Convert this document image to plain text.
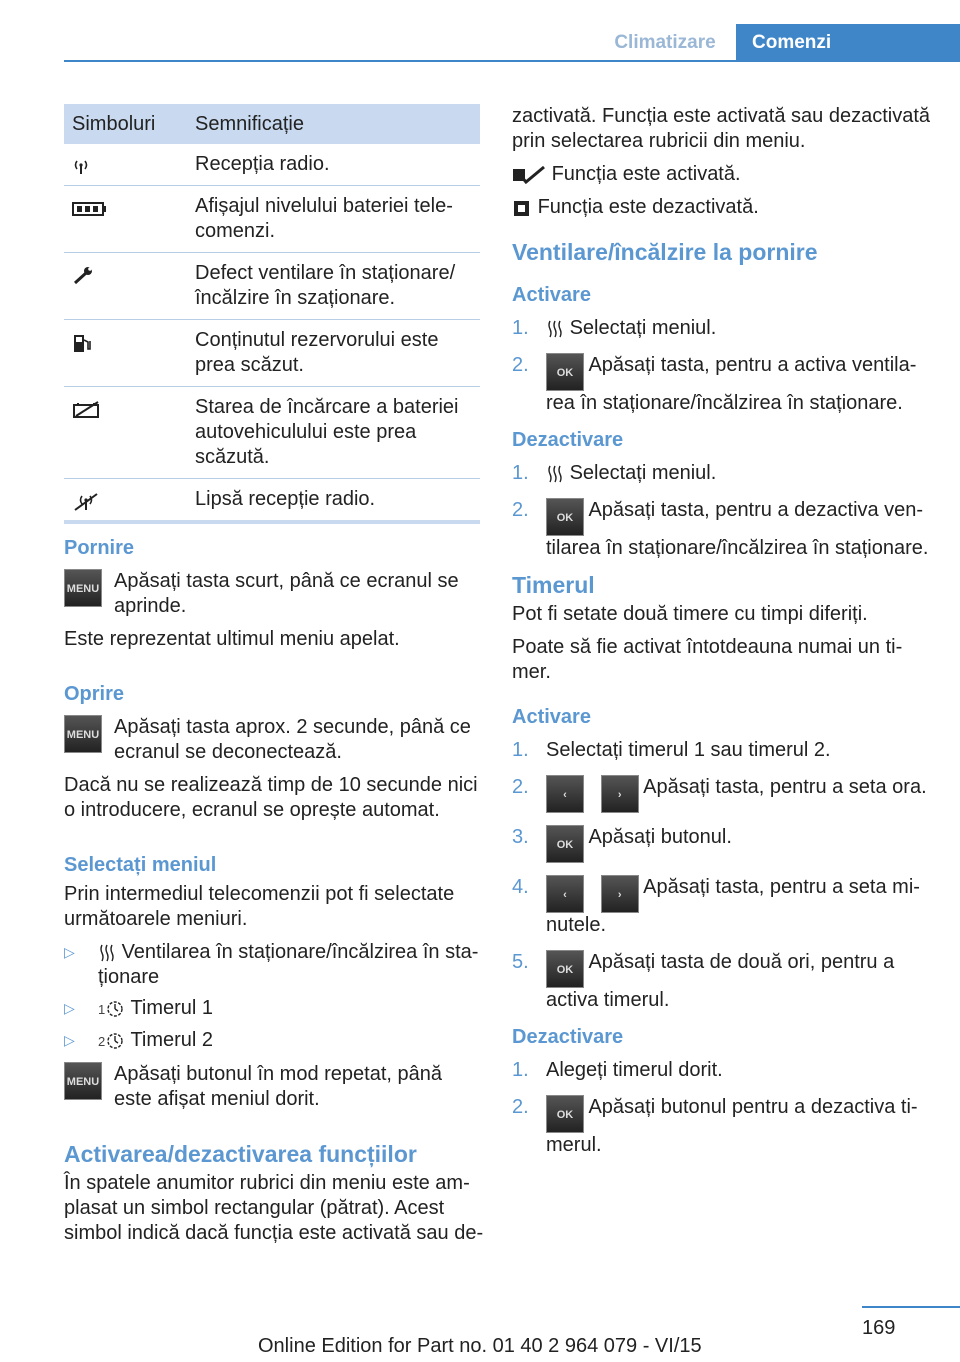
Climatizare	Comenzi
Simboluri	Semnificație
Recepția radio.
Afișajul nivelului bateriei tele- comenzi.
Defect ventilare în staționare/ încălzire în szaționare.
Conținutul rezervorului este prea scăzut.
Starea de încărcare a bateriei autovehiculului este prea scăzută.
Lipsă recepție radio.
Pornire
MENU Apăsați tasta scurt, până ce ecranul se aprinde.

Este reprezentat ultimul meniu apelat.

Oprire
MENU Apăsați tasta aprox. 2 secunde, până ce ecranul se deconectează.

Dacă nu se realizează timp de 10 secunde nici o introducere, ecranul se oprește automat.

Selectați meniul

Prin intermediul telecomenzii pot fi selectate următoarele meniuri.

▷	Ventilarea în staționare/încălzirea în sta- ționare
▷	1 Timerul 1
▷	2 Timerul 2
MENU Apăsați butonul în mod repetat, până este afișat meniul dorit.
Activarea/dezactivarea funcțiilor

În spatele anumitor rubrici din meniu este am- plasat un simbol rectangular (pătrat). Acest simbol indică dacă funcția este activată sau de-

zactivată. Funcția este activată sau dezactivată prin selectarea rubricii din meniu.

Funcția este activată.

Funcția este dezactivată.

Ventilare/încălzire la pornire
Activare
1.	Selectați meniul.
2.	OK Apăsați tasta, pentru a activa ventila- rea în staționare/încălzirea în staționare.
Dezactivare
1.	Selectați meniul.
2.	OK Apăsați tasta, pentru a dezactiva ven- tilarea în staționare/încălzirea în staționare.
Timerul

Pot fi setate două timere cu timpi diferiți.

Poate să fie activat întotdeauna numai un ti- mer.

Activare
1. Selectați timerul 1 sau timerul 2.
2.	‹	› Apăsați tasta, pentru a seta ora.
3.	OK Apăsați butonul.
4.	‹	› Apăsați tasta, pentru a seta mi- nutele.
5.	OK Apăsați tasta de două ori, pentru a activa timerul.
Dezactivare
1. Alegeți timerul dorit.
2.	OK Apăsați butonul pentru a dezactiva ti- merul.
169
Online Edition for Part no. 01 40 2 964 079 - VI/15
